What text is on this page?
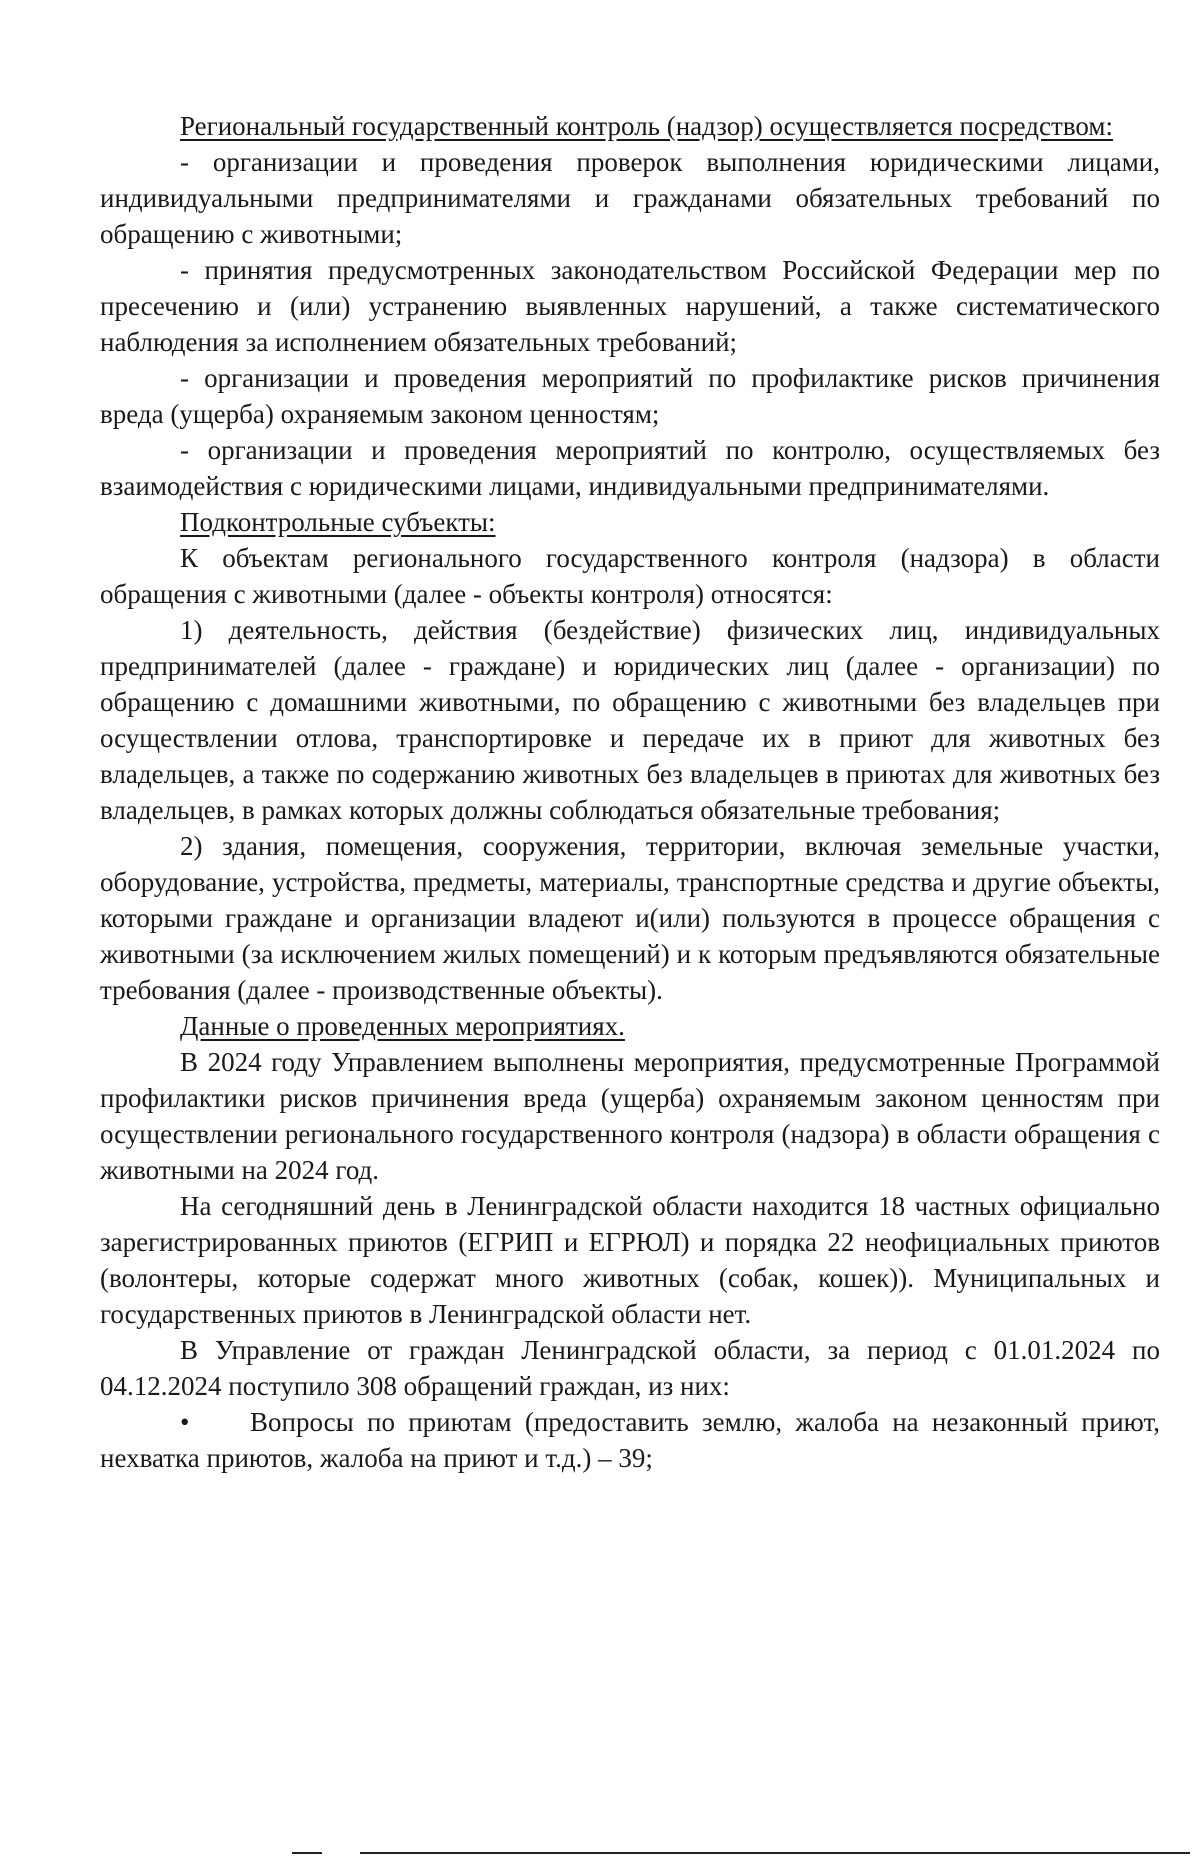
Региональный государственный контроль (надзор) осуществляется посредством:

- организации и проведения проверок выполнения юридическими лицами, индивидуальными предпринимателями и гражданами обязательных требований по обращению с животными;

- принятия предусмотренных законодательством Российской Федерации мер по пресечению и (или) устранению выявленных нарушений, а также систематического наблюдения за исполнением обязательных требований;

- организации и проведения мероприятий по профилактике рисков причинения вреда (ущерба) охраняемым законом ценностям;

- организации и проведения мероприятий по контролю, осуществляемых без взаимодействия с юридическими лицами, индивидуальными предпринимателями.

Подконтрольные субъекты:

К объектам регионального государственного контроля (надзора) в области обращения с животными (далее - объекты контроля) относятся:

1) деятельность, действия (бездействие) физических лиц, индивидуальных предпринимателей (далее - граждане) и юридических лиц (далее - организации) по обращению с домашними животными, по обращению с животными без владельцев при осуществлении отлова, транспортировке и передаче их в приют для животных без владельцев, а также по содержанию животных без владельцев в приютах для животных без владельцев, в рамках которых должны соблюдаться обязательные требования;

2) здания, помещения, сооружения, территории, включая земельные участки, оборудование, устройства, предметы, материалы, транспортные средства и другие объекты, которыми граждане и организации владеют и(или) пользуются в процессе обращения с животными (за исключением жилых помещений) и к которым предъявляются обязательные требования (далее - производственные объекты).

Данные о проведенных мероприятиях.

В 2024 году Управлением выполнены мероприятия, предусмотренные Программой профилактики рисков причинения вреда (ущерба) охраняемым законом ценностям при осуществлении регионального государственного контроля (надзора) в области обращения с животными на 2024 год.

На сегодняшний день в Ленинградской области находится 18 частных официально зарегистрированных приютов (ЕГРИП и ЕГРЮЛ) и порядка 22 неофициальных приютов (волонтеры, которые содержат много животных (собак, кошек)). Муниципальных и государственных приютов в Ленинградской области нет.

В Управление от граждан Ленинградской области, за период с 01.01.2024 по 04.12.2024 поступило 308 обращений граждан, из них:

• Вопросы по приютам (предоставить землю, жалоба на незаконный приют, нехватка приютов, жалоба на приют и т.д.) – 39;
